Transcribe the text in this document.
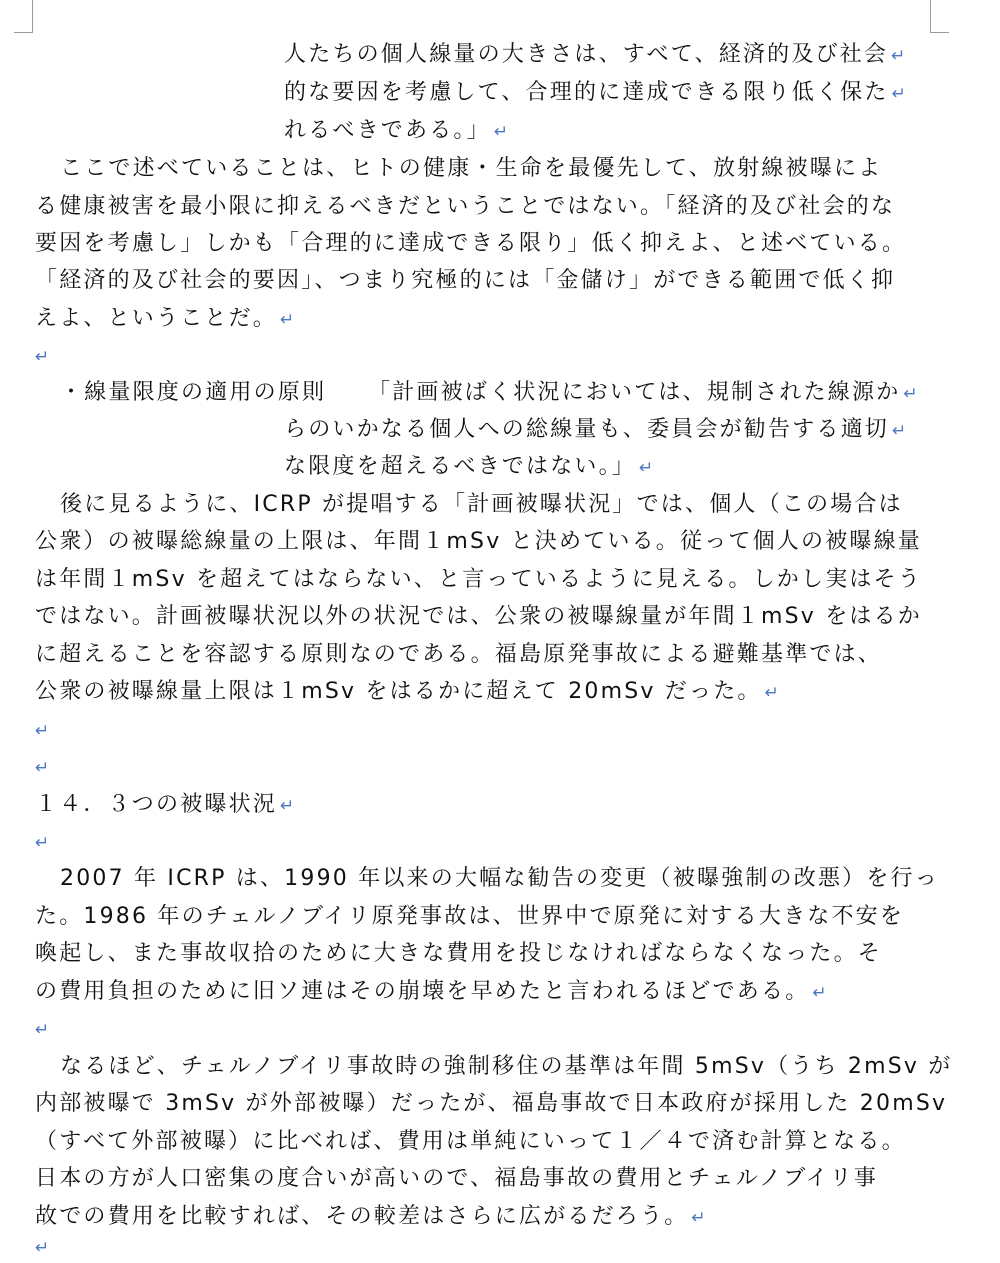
人たちの個人線量の大きさは、すべて、経済的及び社会 ↵
的な要因を考慮して、合理的に達成できる限り低く保た ↵
れるべきである。」 ↵
ここで述べていることは、ヒトの健康・生命を最優先して、放射線被曝によ
る健康被害を最小限に抑えるべきだということではない。「経済的及び社会的な
要因を考慮し」しかも「合理的に達成できる限り」低く抑えよ、と述べている。
「経済的及び社会的要因」、つまり究極的には「金儲け」ができる範囲で低く抑
えよ、ということだ。 ↵
↵
・線量限度の適用の原則 「計画被ばく状況においては、規制された線源か ↵
らのいかなる個人への総線量も、委員会が勧告する適切 ↵
な限度を超えるべきではない。」 ↵
後に見るように、ICRP が提唱する「計画被曝状況」では、個人（この場合は
公衆）の被曝総線量の上限は、年間１mSv と決めている。従って個人の被曝線量
は年間１mSv を超えてはならない、と言っているように見える。しかし実はそう
ではない。計画被曝状況以外の状況では、公衆の被曝線量が年間１mSv をはるか
に超えることを容認する原則なのである。福島原発事故による避難基準では、
公衆の被曝線量上限は１mSv をはるかに超えて 20mSv だった。 ↵
↵
↵
１４．３つの被曝状況 ↵
↵
2007 年 ICRP は、1990 年以来の大幅な勧告の変更（被曝強制の改悪）を行っ
た。1986 年のチェルノブイリ原発事故は、世界中で原発に対する大きな不安を
喚起し、また事故収拾のために大きな費用を投じなければならなくなった。そ
の費用負担のために旧ソ連はその崩壊を早めたと言われるほどである。 ↵
↵
なるほど、チェルノブイリ事故時の強制移住の基準は年間 5mSv（うち 2mSv が
内部被曝で 3mSv が外部被曝）だったが、福島事故で日本政府が採用した 20mSv
（すべて外部被曝）に比べれば、費用は単純にいって１／４で済む計算となる。
日本の方が人口密集の度合いが高いので、福島事故の費用とチェルノブイリ事
故での費用を比較すれば、その較差はさらに広がるだろう。 ↵
↵
